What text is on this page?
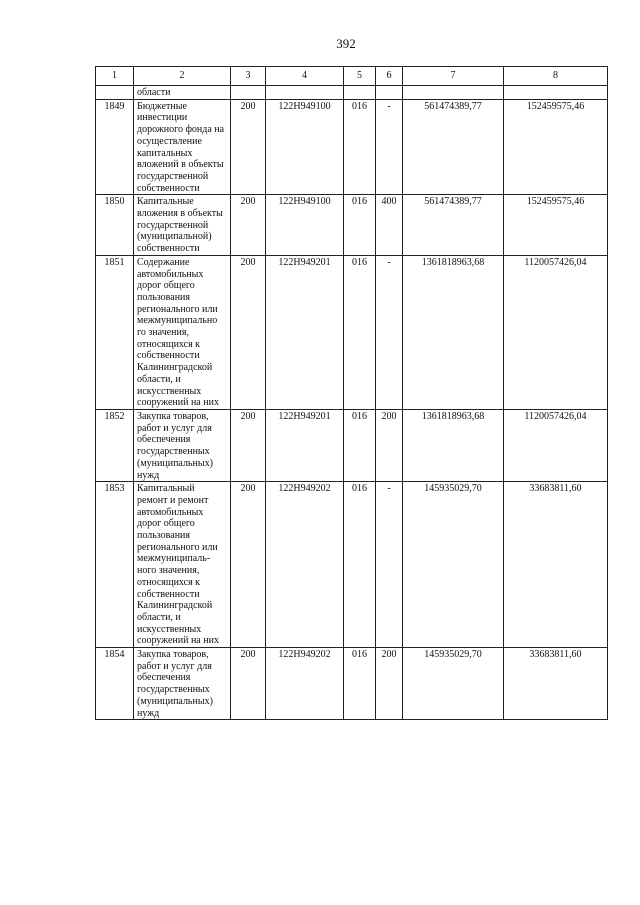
392
1	2	3	4	5	6	7	8
	области						
1849	Бюджетные инвестиции дорожного фонда на осуществление капитальных вложений в объекты государственной собственности	200	122Н949100	016	-	561474389,77	152459575,46
1850	Капитальные вложения в объекты государственной (муниципальной) собственности	200	122Н949100	016	400	561474389,77	152459575,46
1851	Содержание автомобильных дорог общего пользования регионального или межмуниципально го значения, относящихся к собственности Калининградской области, и искусственных сооружений на них	200	122Н949201	016	-	1361818963,68	1120057426,04
1852	Закупка товаров, работ и услуг для обеспечения государственных (муниципальных) нужд	200	122Н949201	016	200	1361818963,68	1120057426,04
1853	Капитальный ремонт и ремонт автомобильных дорог общего пользования регионального или межмуниципаль- ного значения, относящихся к собственности Калининградской области, и искусственных сооружений на них	200	122Н949202	016	-	145935029,70	33683811,60
1854	Закупка товаров, работ и услуг для обеспечения государственных (муниципальных) нужд	200	122Н949202	016	200	145935029,70	33683811,60
